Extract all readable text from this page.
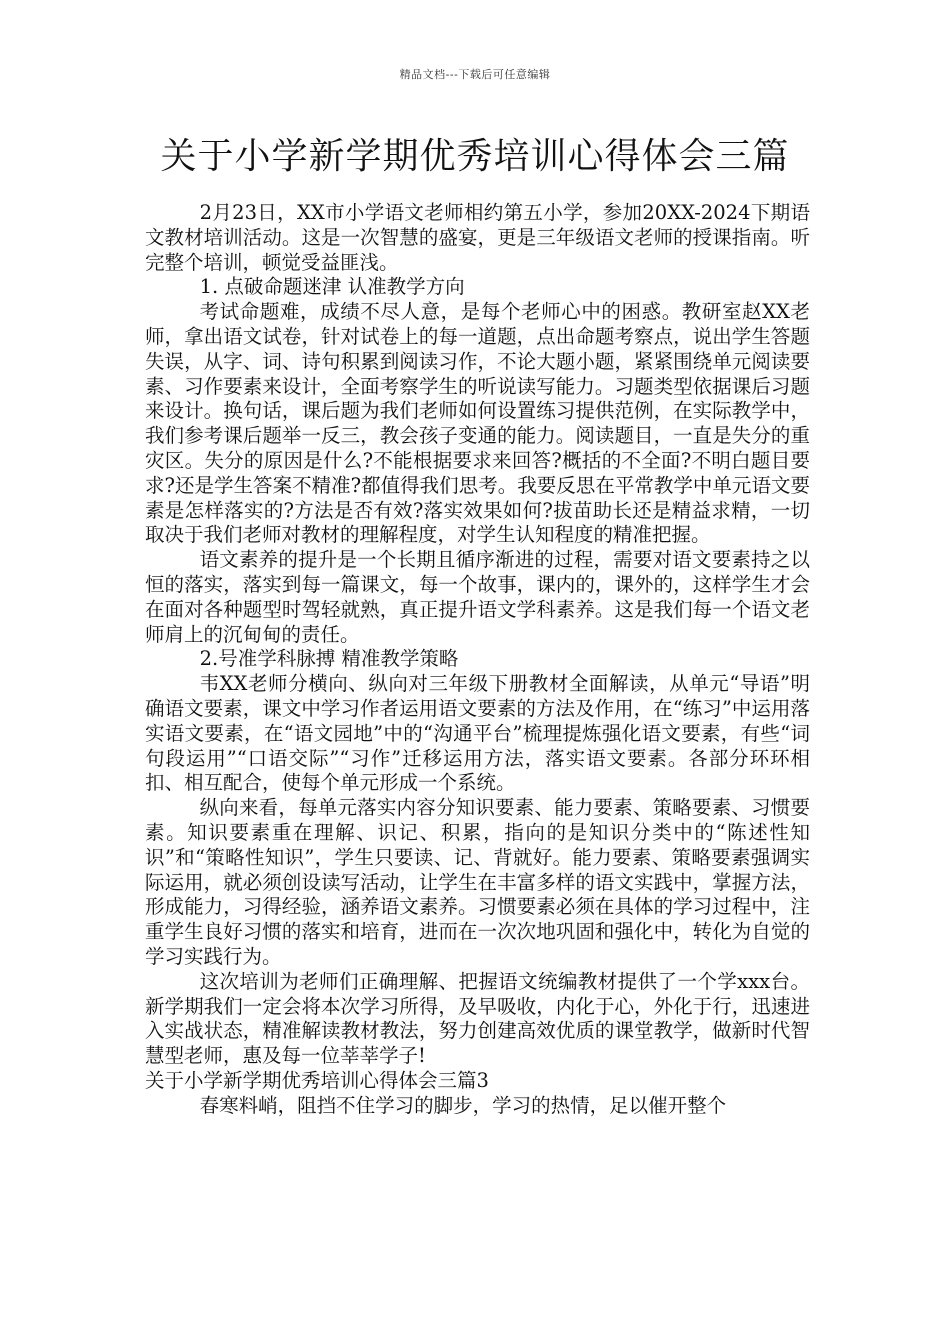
精品文档---下载后可任意编辑
关于小学新学期优秀培训心得体会三篇

2月23日，XX市小学语文老师相约第五小学，参加20XX-2024下期语文教材培训活动。这是一次智慧的盛宴，更是三年级语文老师的授课指南。听完整个培训，顿觉受益匪浅。

1. 点破命题迷津 认准教学方向

考试命题难，成绩不尽人意，是每个老师心中的困惑。教研室赵XX老师，拿出语文试卷，针对试卷上的每一道题，点出命题考察点，说出学生答题失误，从字、词、诗句积累到阅读习作，不论大题小题，紧紧围绕单元阅读要素、习作要素来设计，全面考察学生的听说读写能力。习题类型依据课后习题来设计。换句话，课后题为我们老师如何设置练习提供范例，在实际教学中，我们参考课后题举一反三，教会孩子变通的能力。阅读题目，一直是失分的重灾区。失分的原因是什么?不能根据要求来回答?概括的不全面?不明白题目要求?还是学生答案不精准?都值得我们思考。我要反思在平常教学中单元语文要素是怎样落实的?方法是否有效?落实效果如何?拔苗助长还是精益求精，一切取决于我们老师对教材的理解程度，对学生认知程度的精准把握。

语文素养的提升是一个长期且循序渐进的过程，需要对语文要素持之以恒的落实，落实到每一篇课文，每一个故事，课内的，课外的，这样学生才会在面对各种题型时驾轻就熟，真正提升语文学科素养。这是我们每一个语文老师肩上的沉甸甸的责任。

2.号准学科脉搏 精准教学策略

韦XX老师分横向、纵向对三年级下册教材全面解读，从单元“导语”明确语文要素，课文中学习作者运用语文要素的方法及作用，在“练习”中运用落实语文要素，在“语文园地”中的“沟通平台”梳理提炼强化语文要素，有些“词句段运用”“口语交际”“习作”迁移运用方法，落实语文要素。各部分环环相扣、相互配合，使每个单元形成一个系统。

纵向来看，每单元落实内容分知识要素、能力要素、策略要素、习惯要素。知识要素重在理解、识记、积累，指向的是知识分类中的“陈述性知识”和“策略性知识”，学生只要读、记、背就好。能力要素、策略要素强调实际运用，就必须创设读写活动，让学生在丰富多样的语文实践中，掌握方法，形成能力，习得经验，涵养语文素养。习惯要素必须在具体的学习过程中，注重学生良好习惯的落实和培育，进而在一次次地巩固和强化中，转化为自觉的学习实践行为。

这次培训为老师们正确理解、把握语文统编教材提供了一个学xxx台。新学期我们一定会将本次学习所得，及早吸收，内化于心，外化于行，迅速进入实战状态，精准解读教材教法，努力创建高效优质的课堂教学，做新时代智慧型老师，惠及每一位莘莘学子!

关于小学新学期优秀培训心得体会三篇3

春寒料峭，阻挡不住学习的脚步，学习的热情，足以催开整个
